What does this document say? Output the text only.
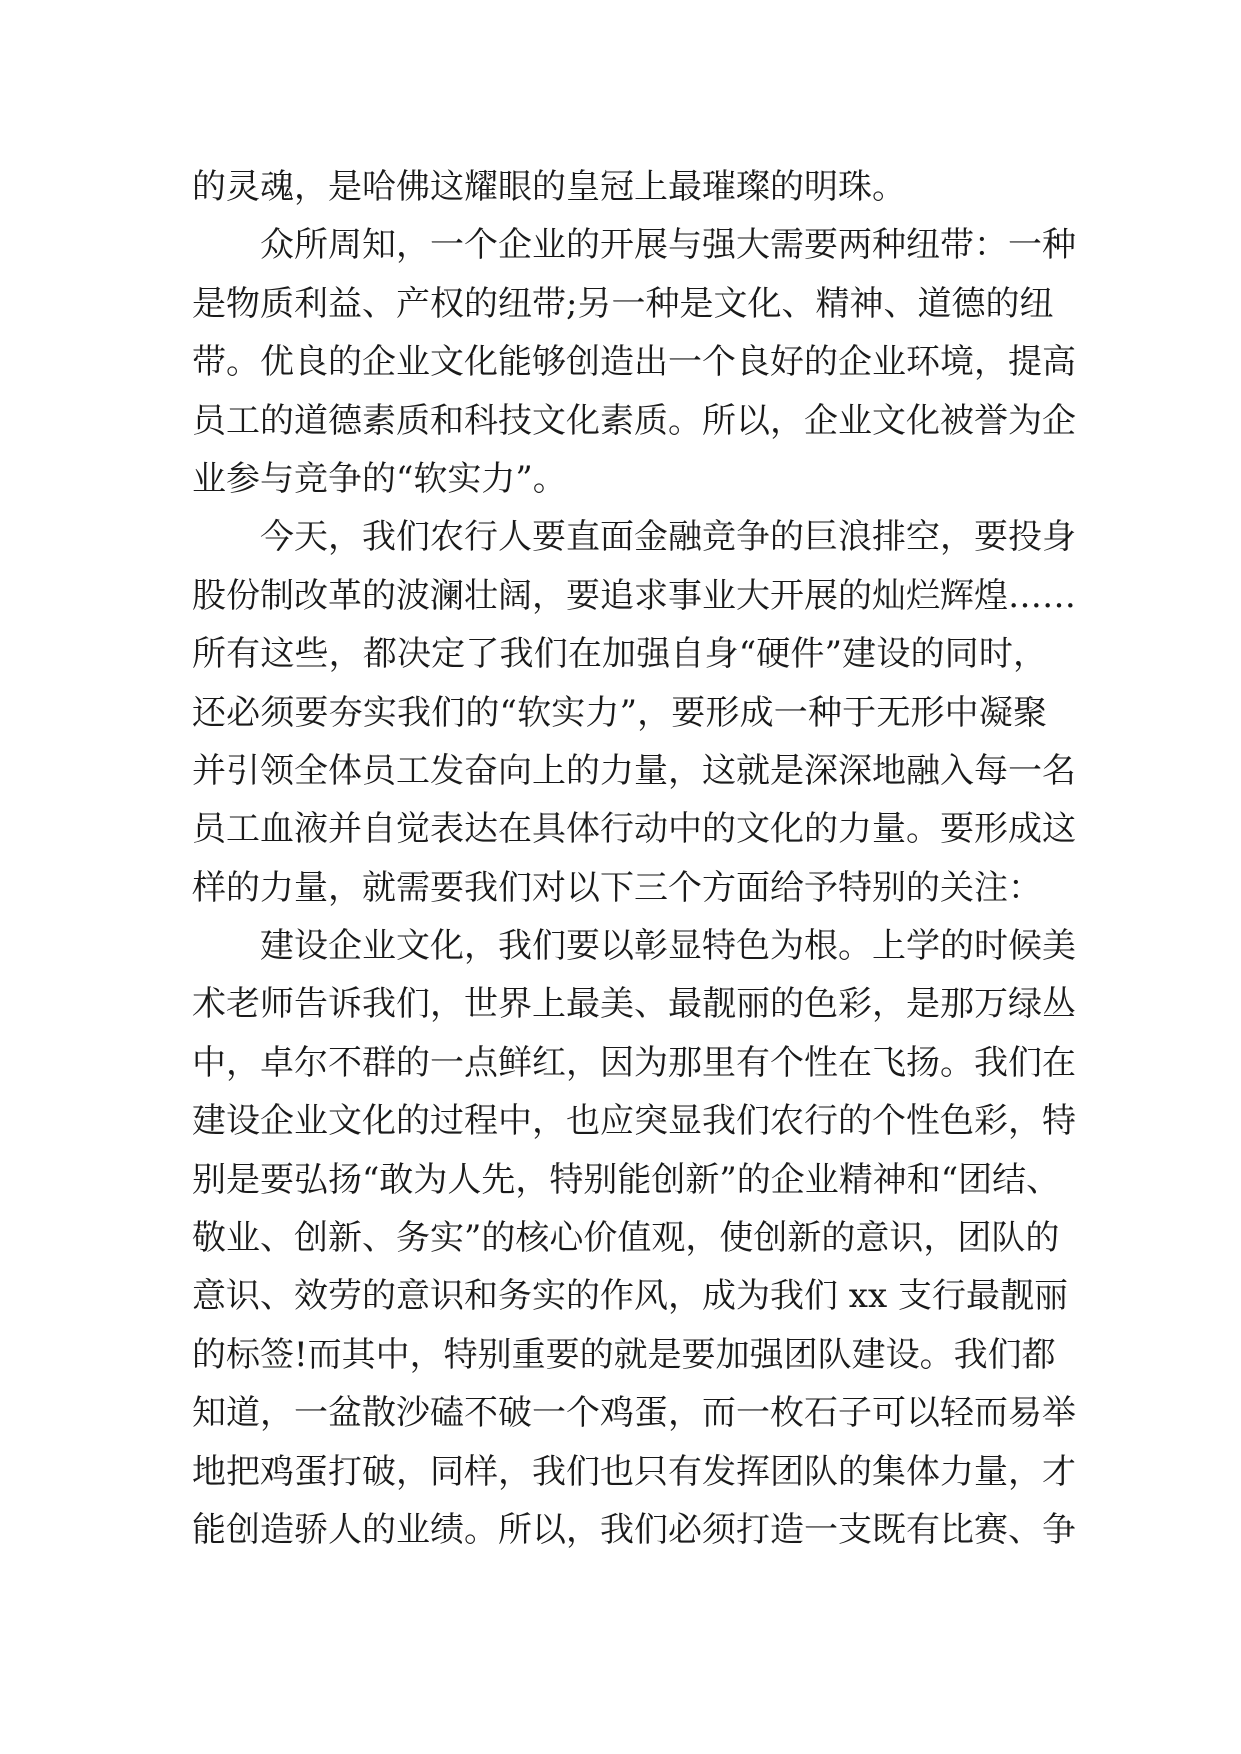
的灵魂，是哈佛这耀眼的皇冠上最璀璨的明珠。

众所周知，一个企业的开展与强大需要两种纽带：一种

是物质利益、产权的纽带;另一种是文化、精神、道德的纽

带。优良的企业文化能够创造出一个良好的企业环境，提高

员工的道德素质和科技文化素质。所以，企业文化被誉为企

业参与竞争的“软实力”。

今天，我们农行人要直面金融竞争的巨浪排空，要投身

股份制改革的波澜壮阔，要追求事业大开展的灿烂辉煌……

所有这些，都决定了我们在加强自身“硬件”建设的同时，

还必须要夯实我们的“软实力”，要形成一种于无形中凝聚

并引领全体员工发奋向上的力量，这就是深深地融入每一名

员工血液并自觉表达在具体行动中的文化的力量。要形成这

样的力量，就需要我们对以下三个方面给予特别的关注：

建设企业文化，我们要以彰显特色为根。上学的时候美

术老师告诉我们，世界上最美、最靓丽的色彩，是那万绿丛

中，卓尔不群的一点鲜红，因为那里有个性在飞扬。我们在

建设企业文化的过程中，也应突显我们农行的个性色彩，特

别是要弘扬“敢为人先，特别能创新”的企业精神和“团结、

敬业、创新、务实”的核心价值观，使创新的意识，团队的

意识、效劳的意识和务实的作风，成为我们 xx 支行最靓丽

的标签!而其中，特别重要的就是要加强团队建设。我们都

知道，一盆散沙磕不破一个鸡蛋，而一枚石子可以轻而易举

地把鸡蛋打破，同样，我们也只有发挥团队的集体力量，才

能创造骄人的业绩。所以，我们必须打造一支既有比赛、争
